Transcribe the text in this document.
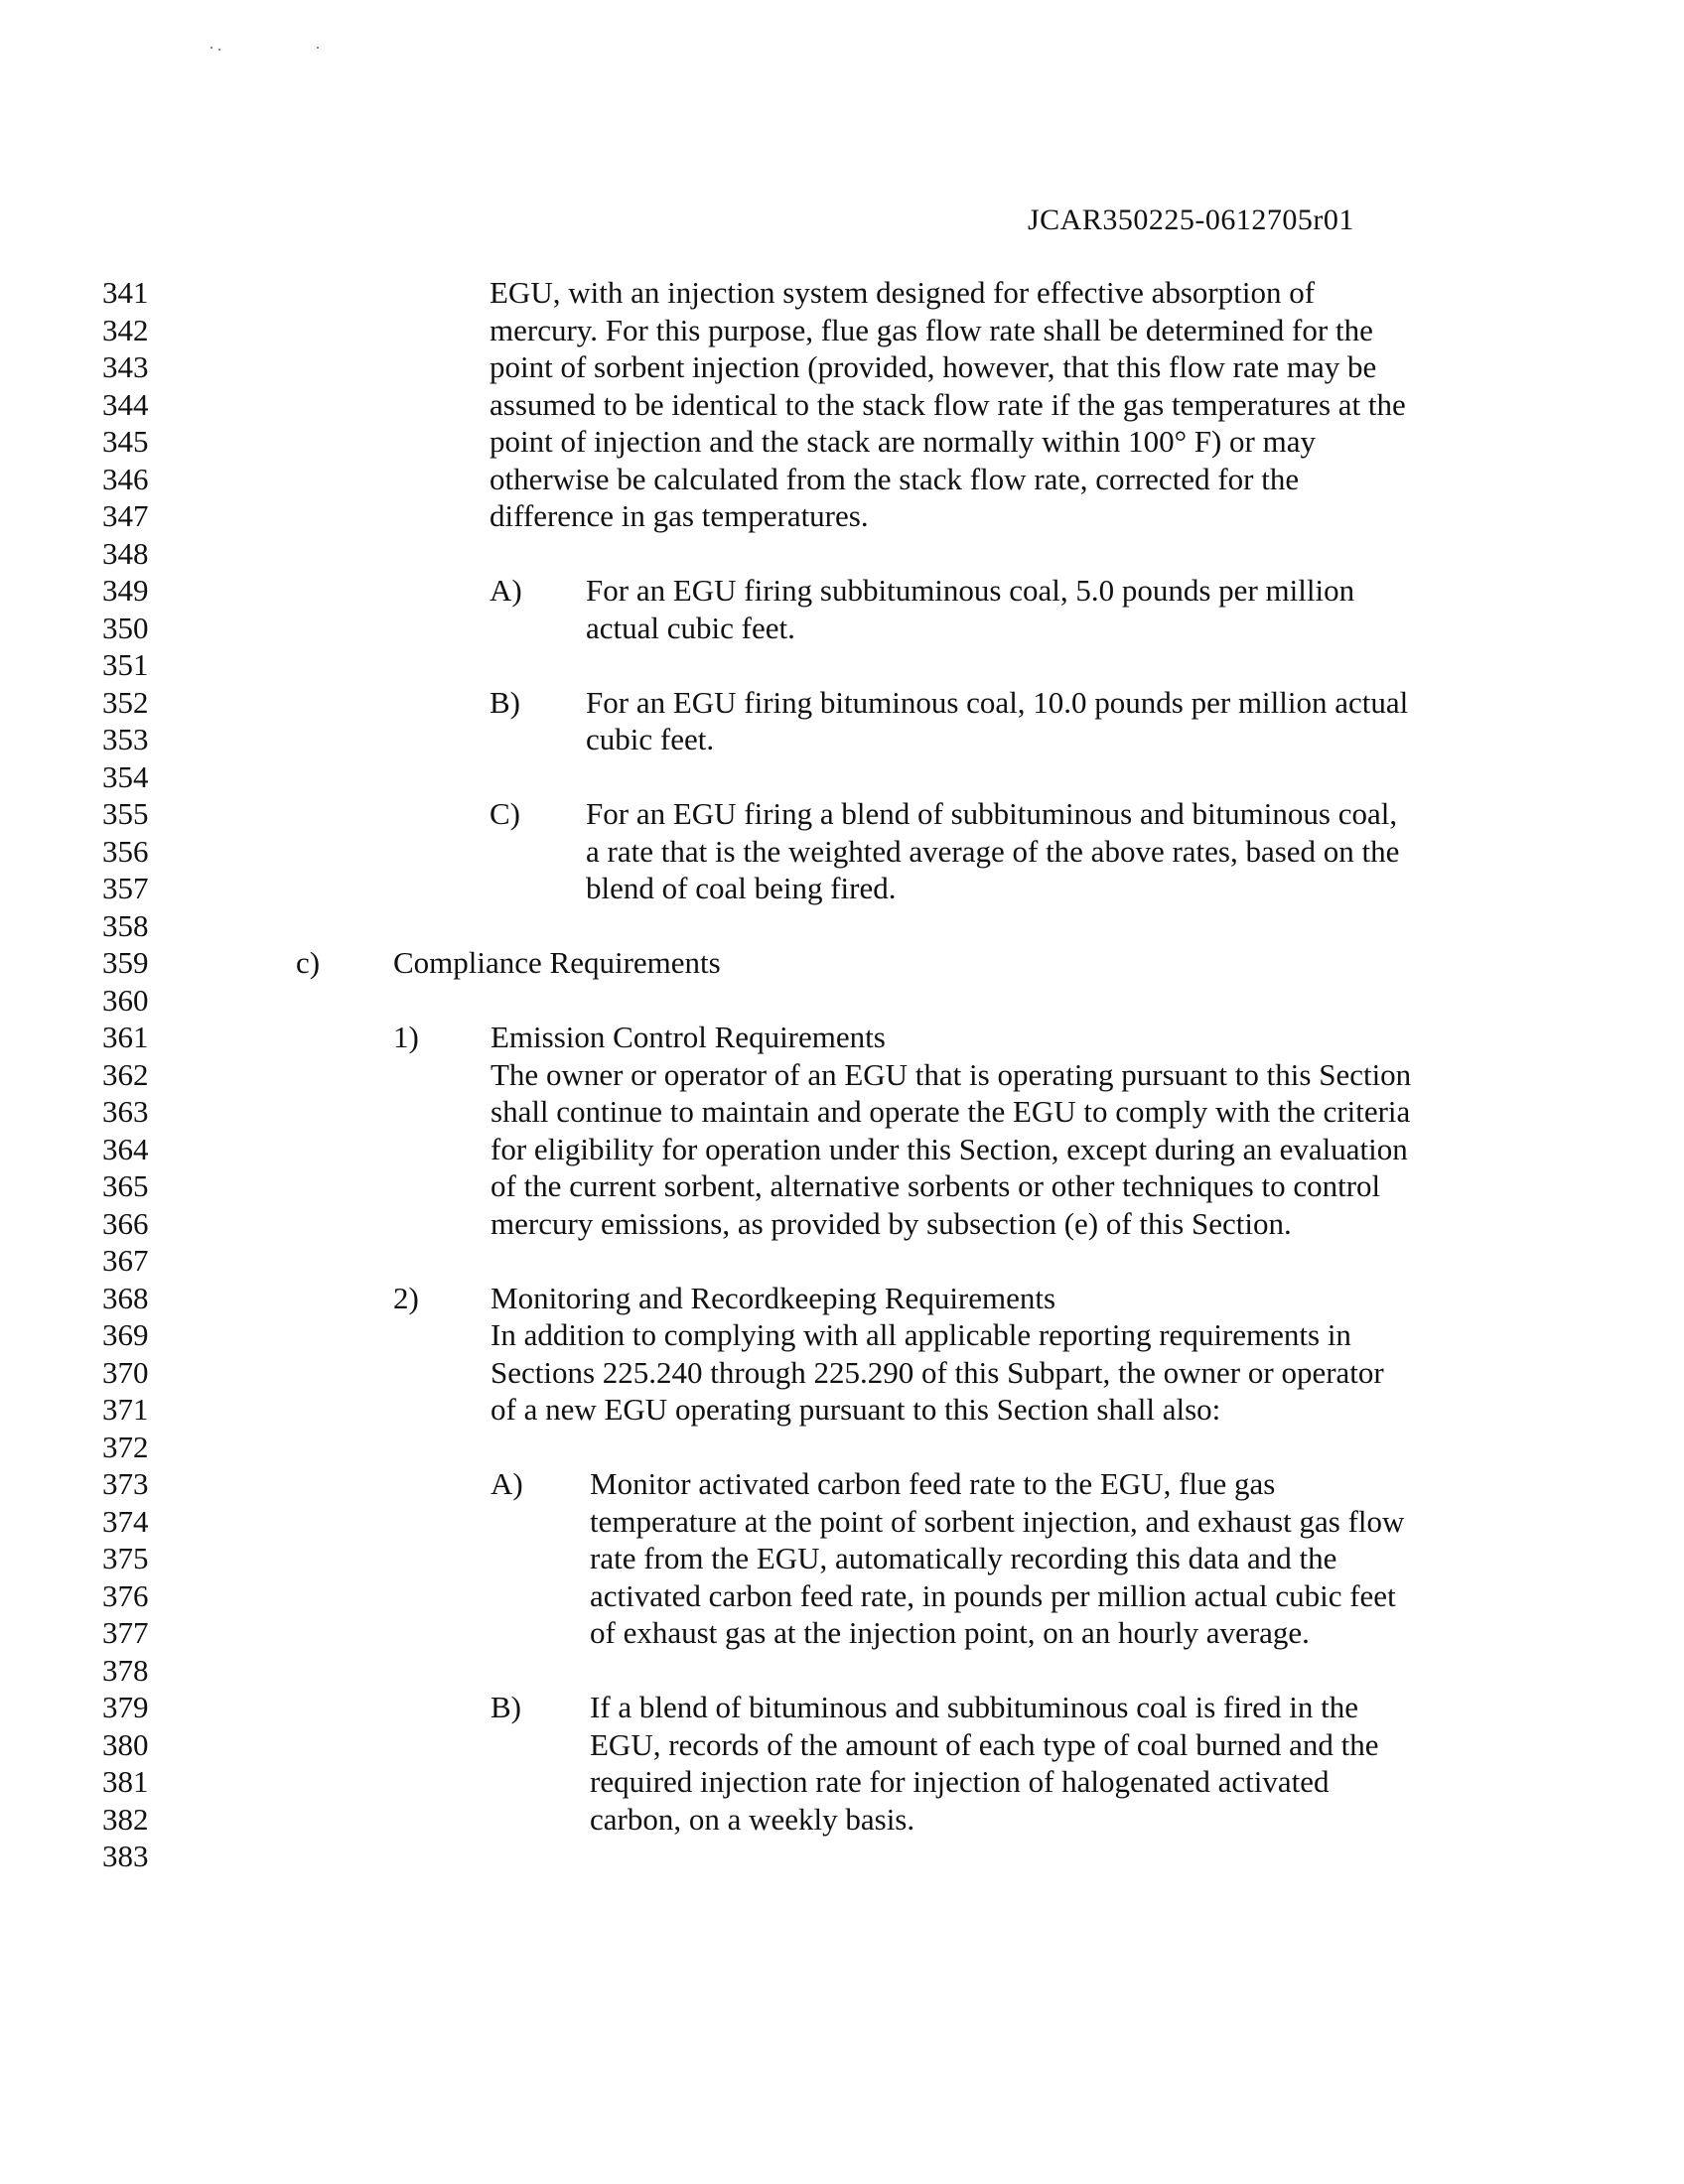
JCAR350225-0612705r01
341
342
343
344
345
346
347
348
349
350
351
352
353
354
355
356
357
358
359
360
361
362
363
364
365
366
367
368
369
370
371
372
373
374
375
376
377
378
379
380
381
382
383
EGU, with an injection system designed for effective absorption of
mercury. For this purpose, flue gas flow rate shall be determined for the
point of sorbent injection (provided, however, that this flow rate may be
assumed to be identical to the stack flow rate if the gas temperatures at the
point of injection and the stack are normally within 100° F) or may
otherwise be calculated from the stack flow rate, corrected for the
difference in gas temperatures.
A) For an EGU firing subbituminous coal, 5.0 pounds per million
actual cubic feet.
B) For an EGU firing bituminous coal, 10.0 pounds per million actual
cubic feet.
C) For an EGU firing a blend of subbituminous and bituminous coal,
a rate that is the weighted average of the above rates, based on the
blend of coal being fired.
c) Compliance Requirements
1) Emission Control Requirements
The owner or operator of an EGU that is operating pursuant to this Section
shall continue to maintain and operate the EGU to comply with the criteria
for eligibility for operation under this Section, except during an evaluation
of the current sorbent, alternative sorbents or other techniques to control
mercury emissions, as provided by subsection (e) of this Section.
2) Monitoring and Recordkeeping Requirements
In addition to complying with all applicable reporting requirements in
Sections 225.240 through 225.290 of this Subpart, the owner or operator
of a new EGU operating pursuant to this Section shall also:
A) Monitor activated carbon feed rate to the EGU, flue gas
temperature at the point of sorbent injection, and exhaust gas flow
rate from the EGU, automatically recording this data and the
activated carbon feed rate, in pounds per million actual cubic feet
of exhaust gas at the injection point, on an hourly average.
B) If a blend of bituminous and subbituminous coal is fired in the
EGU, records of the amount of each type of coal burned and the
required injection rate for injection of halogenated activated
carbon, on a weekly basis.
